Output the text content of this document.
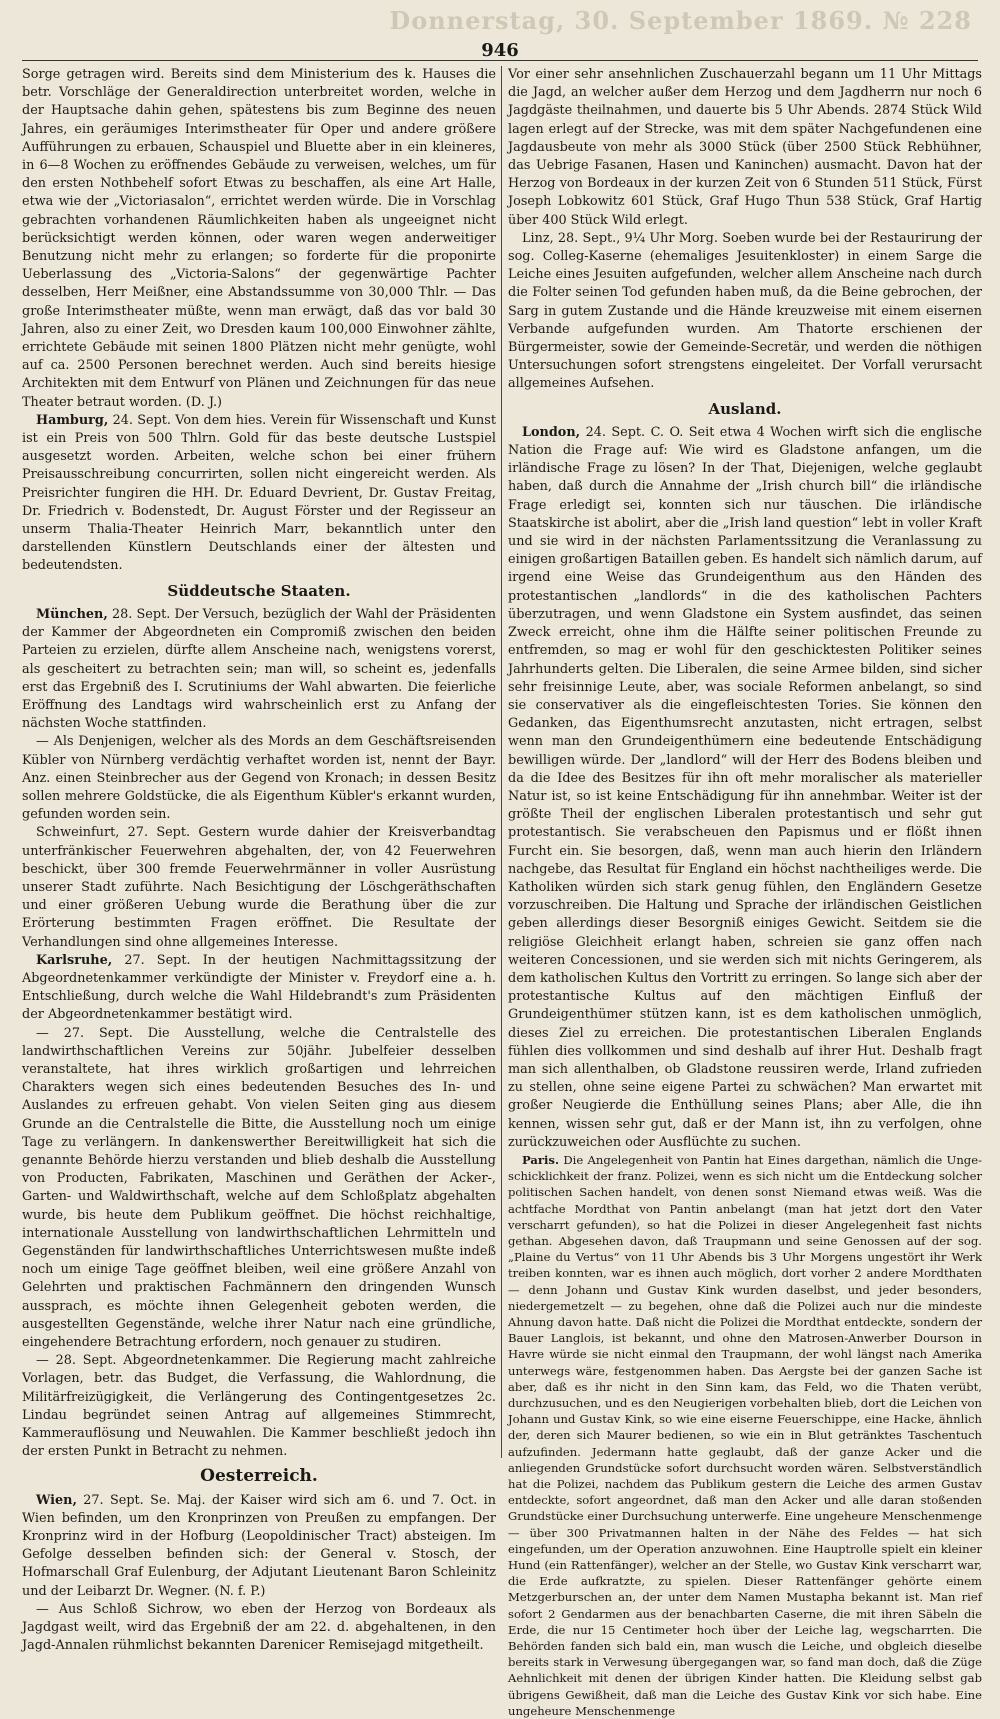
Donnerstag, 30. September 1869. № 228
946

Sorge getragen wird. Bereits sind dem Ministerium des k. Hauses die betr. Vorschläge der Generaldirection unterbreitet worden, welche in der Hauptsache dahin gehen, spätestens bis zum Beginne des neuen Jahres, ein geräumiges Interimstheater für Oper und andere größere Aufführungen zu erbauen, Schauspiel und Bluette aber in ein kleineres, in 6—8 Wochen zu eröffnendes Gebäude zu verweisen, welches, um für den ersten Nothbehelf sofort Etwas zu beschaffen, als eine Art Halle, etwa wie der „Victoriasalon“, errichtet werden würde. Die in Vorschlag gebrachten vorhandenen Räumlichkeiten haben als ungeeignet nicht berücksichtigt werden können, oder waren wegen anderweitiger Benutzung nicht mehr zu erlangen; so forderte für die proponirte Ueberlassung des „Victoria-Salons“ der gegenwärtige Pachter desselben, Herr Meißner, eine Abstandssumme von 30,000 Thlr. — Das große Interimstheater müßte, wenn man erwägt, daß das vor bald 30 Jahren, also zu einer Zeit, wo Dresden kaum 100,000 Einwohner zählte, errichtete Gebäude mit seinen 1800 Plätzen nicht mehr genügte, wohl auf ca. 2500 Personen berechnet werden. Auch sind bereits hiesige Architekten mit dem Entwurf von Plänen und Zeichnungen für das neue Theater betraut worden. (D. J.)

Hamburg, 24. Sept. Von dem hies. Verein für Wissenschaft und Kunst ist ein Preis von 500 Thlrn. Gold für das beste deutsche Lustspiel ausgesetzt worden. Arbeiten, welche schon bei einer frühern Preisausschreibung concurrirten, sollen nicht eingereicht werden. Als Preisrichter fungiren die HH. Dr. Eduard Devrient, Dr. Gustav Freitag, Dr. Friedrich v. Bodenstedt, Dr. August Förster und der Regisseur an unserm Thalia-Theater Heinrich Marr, bekanntlich unter den darstellenden Künstlern Deutschlands einer der ältesten und bedeutendsten.

Süddeutsche Staaten.

München, 28. Sept. Der Versuch, bezüglich der Wahl der Präsidenten der Kammer der Abgeordneten ein Compromiß zwischen den beiden Parteien zu erzielen, dürfte allem Anscheine nach, wenigstens vorerst, als gescheitert zu betrachten sein; man will, so scheint es, jedenfalls erst das Ergebniß des I. Scrutiniums der Wahl abwarten. Die feierliche Eröffnung des Landtags wird wahrscheinlich erst zu Anfang der nächsten Woche stattfinden.

— Als Denjenigen, welcher als des Mords an dem Geschäftsreisenden Kübler von Nürnberg verdächtig verhaftet worden ist, nennt der Bayr. Anz. einen Steinbrecher aus der Gegend von Kronach; in dessen Besitz sollen mehrere Goldstücke, die als Eigenthum Kübler's erkannt wurden, gefunden worden sein.

Schweinfurt, 27. Sept. Gestern wurde dahier der Kreisverbandtag unterfränkischer Feuerwehren abgehalten, der, von 42 Feuerwehren beschickt, über 300 fremde Feuerwehrmänner in voller Ausrüstung unserer Stadt zuführte. Nach Besichtigung der Löschgeräthschaften und einer größeren Uebung wurde die Berathung über die zur Erörterung bestimmten Fragen eröffnet. Die Resultate der Verhandlungen sind ohne allgemeines Interesse.

Karlsruhe, 27. Sept. In der heutigen Nachmittagssitzung der Abgeordnetenkammer verkündigte der Minister v. Freydorf eine a. h. Entschließung, durch welche die Wahl Hildebrandt's zum Präsidenten der Abgeordnetenkammer bestätigt wird.

— 27. Sept. Die Ausstellung, welche die Centralstelle des landwirthschaftlichen Vereins zur 50jähr. Jubelfeier desselben veranstaltete, hat ihres wirklich großartigen und lehrreichen Charakters wegen sich eines bedeutenden Besuches des In- und Auslandes zu erfreuen gehabt. Von vielen Seiten ging aus diesem Grunde an die Centralstelle die Bitte, die Ausstellung noch um einige Tage zu verlängern. In dankenswerther Bereitwilligkeit hat sich die genannte Behörde hierzu verstanden und blieb deshalb die Ausstellung von Producten, Fabrikaten, Maschinen und Geräthen der Acker-, Garten- und Waldwirthschaft, welche auf dem Schloßplatz abgehalten wurde, bis heute dem Publikum geöffnet. Die höchst reichhaltige, internationale Ausstellung von landwirthschaftlichen Lehrmitteln und Gegenständen für landwirthschaftliches Unterrichtswesen mußte indeß noch um einige Tage geöffnet bleiben, weil eine größere Anzahl von Gelehrten und praktischen Fachmännern den dringenden Wunsch aussprach, es möchte ihnen Gelegenheit geboten werden, die ausgestellten Gegenstände, welche ihrer Natur nach eine gründliche, eingehendere Betrachtung erfordern, noch genauer zu studiren.

— 28. Sept. Abgeordnetenkammer. Die Regierung macht zahlreiche Vorlagen, betr. das Budget, die Verfassung, die Wahlordnung, die Militärfreizügigkeit, die Verlängerung des Contingentgesetzes 2c. Lindau begründet seinen Antrag auf allgemeines Stimmrecht, Kammerauflösung und Neuwahlen. Die Kammer beschließt jedoch ihn der ersten Punkt in Betracht zu nehmen.

Oesterreich.

Wien, 27. Sept. Se. Maj. der Kaiser wird sich am 6. und 7. Oct. in Wien befinden, um den Kronprinzen von Preußen zu empfangen. Der Kronprinz wird in der Hofburg (Leopoldinischer Tract) absteigen. Im Gefolge desselben befinden sich: der General v. Stosch, der Hofmarschall Graf Eulenburg, der Adjutant Lieutenant Baron Schleinitz und der Leibarzt Dr. Wegner. (N. f. P.)

— Aus Schloß Sichrow, wo eben der Herzog von Bordeaux als Jagdgast weilt, wird das Ergebniß der am 22. d. abgehaltenen, in den Jagd-Annalen rühmlichst bekannten Darenicer Remisejagd mitgetheilt.

Vor einer sehr ansehnlichen Zuschauerzahl begann um 11 Uhr Mittags die Jagd, an welcher außer dem Herzog und dem Jagdherrn nur noch 6 Jagdgäste theilnahmen, und dauerte bis 5 Uhr Abends. 2874 Stück Wild lagen erlegt auf der Strecke, was mit dem später Nachgefundenen eine Jagdausbeute von mehr als 3000 Stück (über 2500 Stück Rebhühner, das Uebrige Fasanen, Hasen und Kaninchen) ausmacht. Davon hat der Herzog von Bordeaux in der kurzen Zeit von 6 Stunden 511 Stück, Fürst Joseph Lobkowitz 601 Stück, Graf Hugo Thun 538 Stück, Graf Hartig über 400 Stück Wild erlegt.

Linz, 28. Sept., 9¼ Uhr Morg. Soeben wurde bei der Restaurirung der sog. Colleg-Kaserne (ehemaliges Jesuitenkloster) in einem Sarge die Leiche eines Jesuiten aufgefunden, welcher allem Anscheine nach durch die Folter seinen Tod gefunden haben muß, da die Beine gebrochen, der Sarg in gutem Zustande und die Hände kreuzweise mit einem eisernen Verbande aufgefunden wurden. Am Thatorte erschienen der Bürgermeister, sowie der Gemeinde-Secretär, und werden die nöthigen Untersuchungen sofort strengstens eingeleitet. Der Vorfall verursacht allgemeines Aufsehen.

Ausland.

London, 24. Sept. C. O. Seit etwa 4 Wochen wirft sich die englische Nation die Frage auf: Wie wird es Gladstone anfangen, um die irländische Frage zu lösen? In der That, Diejenigen, welche geglaubt haben, daß durch die Annahme der „Irish church bill“ die irländische Frage erledigt sei, konnten sich nur täuschen. Die irländische Staatskirche ist abolirt, aber die „Irish land question“ lebt in voller Kraft und sie wird in der nächsten Parlamentssitzung die Veranlassung zu einigen großartigen Bataillen geben. Es handelt sich nämlich darum, auf irgend eine Weise das Grundeigenthum aus den Händen des protestantischen „landlords“ in die des katholischen Pachters überzutragen, und wenn Gladstone ein System ausfindet, das seinen Zweck erreicht, ohne ihm die Hälfte seiner politischen Freunde zu entfremden, so mag er wohl für den geschicktesten Politiker seines Jahrhunderts gelten. Die Liberalen, die seine Armee bilden, sind sicher sehr freisinnige Leute, aber, was sociale Reformen anbelangt, so sind sie conservativer als die eingefleischtesten Tories. Sie können den Gedanken, das Eigenthumsrecht anzutasten, nicht ertragen, selbst wenn man den Grundeigenthümern eine bedeutende Entschädigung bewilligen würde. Der „landlord“ will der Herr des Bodens bleiben und da die Idee des Besitzes für ihn oft mehr moralischer als materieller Natur ist, so ist keine Entschädigung für ihn annehmbar. Weiter ist der größte Theil der englischen Liberalen protestantisch und sehr gut protestantisch. Sie verabscheuen den Papismus und er flößt ihnen Furcht ein. Sie besorgen, daß, wenn man auch hierin den Irländern nachgebe, das Resultat für England ein höchst nachtheiliges werde. Die Katholiken würden sich stark genug fühlen, den Engländern Gesetze vorzuschreiben. Die Haltung und Sprache der irländischen Geistlichen geben allerdings dieser Besorgniß einiges Gewicht. Seitdem sie die religiöse Gleichheit erlangt haben, schreien sie ganz offen nach weiteren Concessionen, und sie werden sich mit nichts Geringerem, als dem katholischen Kultus den Vortritt zu erringen. So lange sich aber der protestantische Kultus auf den mächtigen Einfluß der Grundeigenthümer stützen kann, ist es dem katholischen unmöglich, dieses Ziel zu erreichen. Die protestantischen Liberalen Englands fühlen dies vollkommen und sind deshalb auf ihrer Hut. Deshalb fragt man sich allenthalben, ob Gladstone reussiren werde, Irland zufrieden zu stellen, ohne seine eigene Partei zu schwächen? Man erwartet mit großer Neugierde die Enthüllung seines Plans; aber Alle, die ihn kennen, wissen sehr gut, daß er der Mann ist, ihn zu verfolgen, ohne zurückzuweichen oder Ausflüchte zu suchen.

Paris. Die Angelegenheit von Pantin hat Eines dargethan, nämlich die Ungeschicklichkeit der franz. Polizei, wenn es sich nicht um die Entdeckung solcher politischen Sachen handelt, von denen sonst Niemand etwas weiß. Was die achtfache Mordthat von Pantin anbelangt (man hat jetzt dort den Vater verscharrt gefunden), so hat die Polizei in dieser Angelegenheit fast nichts gethan. Abgesehen davon, daß Traupmann und seine Genossen auf der sog. „Plaine du Vertus“ von 11 Uhr Abends bis 3 Uhr Morgens ungestört ihr Werk treiben konnten, war es ihnen auch möglich, dort vorher 2 andere Mordthaten — denn Johann und Gustav Kink wurden daselbst, und jeder besonders, niedergemetzelt — zu begehen, ohne daß die Polizei auch nur die mindeste Ahnung davon hatte. Daß nicht die Polizei die Mordthat entdeckte, sondern der Bauer Langlois, ist bekannt, und ohne den Matrosen-Anwerber Dourson in Havre würde sie nicht einmal den Traupmann, der wohl längst nach Amerika unterwegs wäre, festgenommen haben. Das Aergste bei der ganzen Sache ist aber, daß es ihr nicht in den Sinn kam, das Feld, wo die Thaten verübt, durchzusuchen, und es den Neugierigen vorbehalten blieb, dort die Leichen von Johann und Gustav Kink, so wie eine eiserne Feuerschippe, eine Hacke, ähnlich der, deren sich Maurer bedienen, so wie ein in Blut getränktes Taschentuch aufzufinden. Jedermann hatte geglaubt, daß der ganze Acker und die anliegenden Grundstücke sofort durchsucht worden wären. Selbstverständlich hat die Polizei, nachdem das Publikum gestern die Leiche des armen Gustav entdeckte, sofort angeordnet, daß man den Acker und alle daran stoßenden Grundstücke einer Durchsuchung unterwerfe. Eine ungeheure Menschenmenge — über 300 Privatmannen halten in der Nähe des Feldes — hat sich eingefunden, um der Operation anzuwohnen. Eine Hauptrolle spielt ein kleiner Hund (ein Rattenfänger), welcher an der Stelle, wo Gustav Kink verscharrt war, die Erde aufkratzte, zu spielen. Dieser Rattenfänger gehörte einem Metzgerburschen an, der unter dem Namen Mustapha bekannt ist. Man rief sofort 2 Gendarmen aus der benachbarten Caserne, die mit ihren Säbeln die Erde, die nur 15 Centimeter hoch über der Leiche lag, wegscharrten. Die Behörden fanden sich bald ein, man wusch die Leiche, und obgleich dieselbe bereits stark in Verwesung übergegangen war, so fand man doch, daß die Züge Aehnlichkeit mit denen der übrigen Kinder hatten. Die Kleidung selbst gab übrigens Gewißheit, daß man die Leiche des Gustav Kink vor sich habe. Eine ungeheure Menschenmenge
